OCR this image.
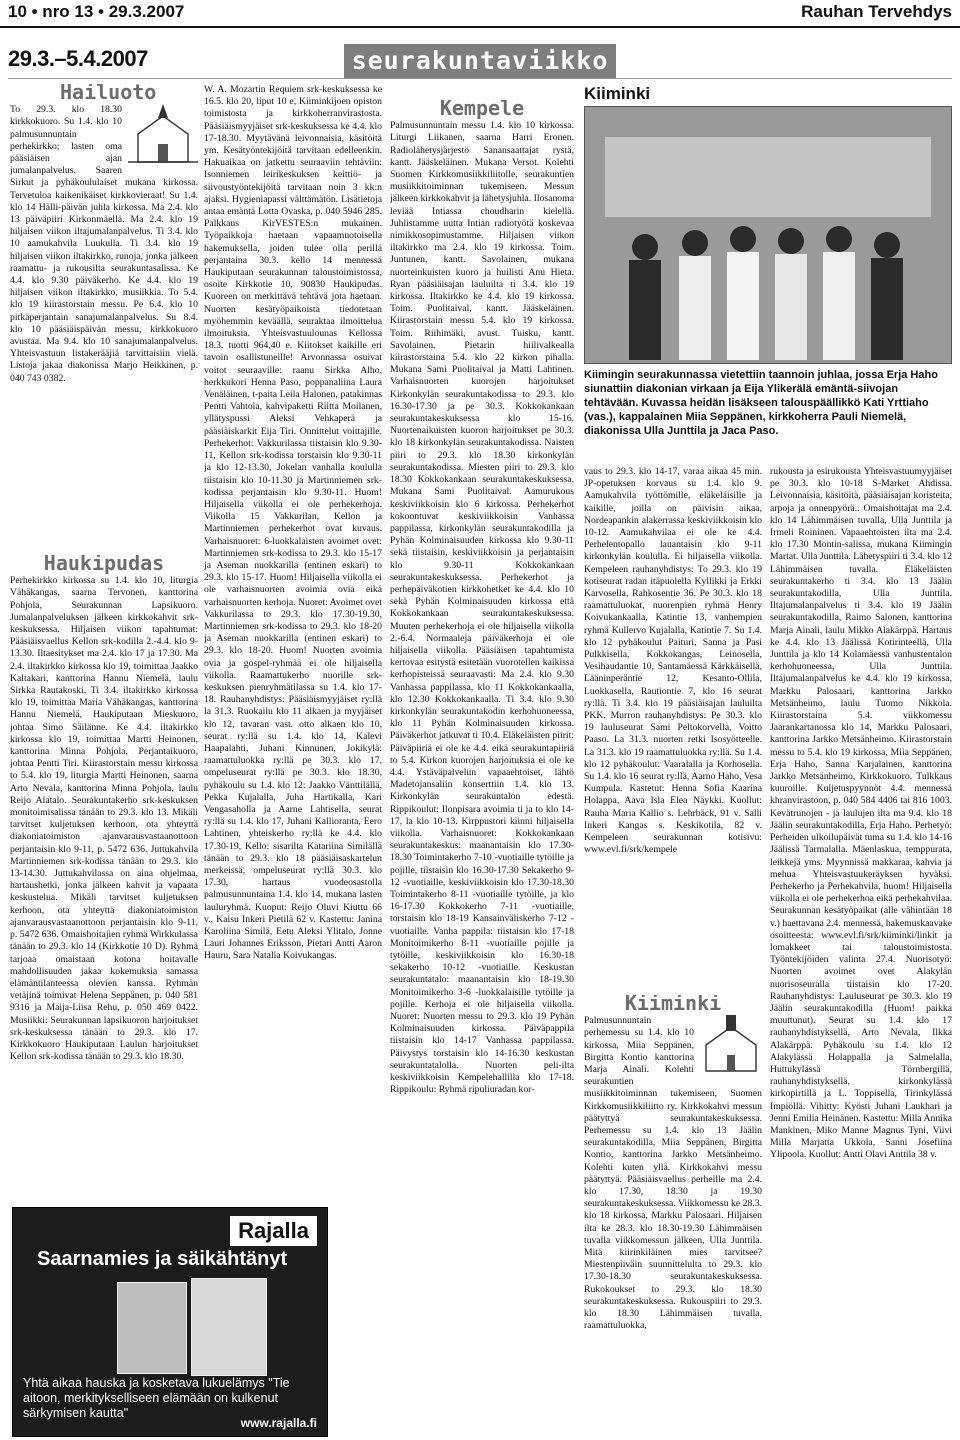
10 • nro 13 • 29.3.2007	Rauhan Tervehdys
29.3.–5.4.2007	seurakuntaviikko
Hailuoto

To 29.3. klo 18.30 kirkkokuoro. Su 1.4. klo 10 palmusunnuntain perhekirkko; lasten oma pääsiäisen ajan jumalanpalvelus. Saaren Sirkut ja pyhäkoululaiset mukana kirkossa. Tervetuloa kaikenikäiset kirkkovieraat! Su 1.4. klo 14 Hälli-päivän juhla kirkossa. Ma 2.4. klo 13 päiväpiiri Kirkonmäellä. Ma 2.4. klo 19 hiljaisen viikon iltajumalanpalvelus. Ti 3.4. klo 10 aamukahvila Luukulla. Ti 3.4. klo 19 hiljaisen viikon iltakirkko, runoja, jonka jälkeen raamattu- ja rukousilta seurakuntasalissa. Ke 4.4. klo 9.30 päiväkerho. Ke 4.4. klo 19 hiljaisen viikon iltakirkko, musiikkia. To 5.4. klo 19 kiirastorstain messu. Pe 6.4. klo 10 pitkäperjantain sanajumalanpalvelus. Su 8.4. klo 10 pääsiäispäivän messu, kirkkokuoro avustaa. Ma 9.4. klo 10 sanajumalanpalvelus. Yhteisvastuun listakerääjiä tarvittaisiin vielä. Listoja jakaa diakonissa Marjo Heikkinen, p. 040 743 0382.

Haukipudas

Perhekirkko kirkossa su 1.4. klo 10, liturgia Vähäkangas, saarna Tervonen, kanttorina Pohjola, Seurakunnan Lapsikuoro. Jumalanpalveluksen jälkeen kirkkokahvit srk-keskuksessa. Hiljaisen viikon tapahtumat: Pääsiäisvaellus Kellon srk-kodilla 2.-4.4. klo 9-13.30. Iltaesitykset ma 2.4. klo 17 ja 17.30. Ma 2.4. iltakirkko kirkossa klo 19, toimittaa Jaakko Kaltakari, kanttorina Hannu Niemelä, laulu Sirkka Rautakoski. Ti 3.4. iltakirkko kirkossa klo 19, toimittaa Maria Vähäkangas, kanttorina Hannu Niemelä, Haukiputaan Mieskuoro, johtaa Simo Säilänne. Ke 4.4. iltakirkko kirkossa klo 19, toimittaa Martti Heinonen, kanttorina Minna Pohjola, Perjantaikuoro, johtaa Pentti Tiri. Kiirastorstain messu kirkossa to 5.4. klo 19, liturgia Martti Heinonen, saarna Arto Nevala, kanttorina Minna Pohjola, laulu Reijo Alatalo. Seurakuntakerho srk-keskuksen monitoimisalissa tänään to 29.3. klo 13. Mikäli tarvitset kuljetuksen kerhoon, ota yhteyttä diakoniatoimiston ajanvarausvastaanottoon perjantaisin klo 9-11, p. 5472 636. Juttukahvila Martinniemen srk-kodissa tänään to 29.3. klo 13-14.30. Juttukahvilassa on aina ohjelmaa, hartaushetki, jonka jälkeen kahvit ja vapaata keskustelua. Mikäli tarvitset kuljetuksen kerhoon, ota yhteyttä diakoniatoimiston ajanvarausvastaanottoon perjantaisin klo 9-11, p. 5472 636. Omaishoitajien ryhmä Wirkkulassa tänään to 29.3. klo 14 (Kirkkotie 10 D). Ryhmä tarjoaa omaistaan kotona hoitavalle mahdollisuuden jakaa kokemuksia samassa elämäntilanteessa olevien kanssa. Ryhmän vetäjinä toimivat Helena Seppänen, p. 040 581 9316 ja Maija-Liisa Rehu, p. 050 469 0422. Musiikki: Seurakunnan lapsikuoron harjoitukset srk-keskuksessa tänään to 29.3. klo 17. Kirkkokuoro Haukiputaan Laulun harjoitukset Kellon srk-kodissa tänään to 29.3. klo 18.30.

W. A. Mozartin Requiem srk-keskuksessa ke 16.5. klo 20, liput 10 e, Kiiminkijoen opiston toimistosta ja kirkkoherranvirastosta. Pääsiäismyyjäiset srk-keskuksessa ke 4.4. klo 17-18.30. Myytävänä leivonnaisia, käsitöitä ym. Kesätyöntekijöitä tarvitaan edelleenkin. Hakuaikaa on jatkettu seuraaviin tehtäviin: Isonniemen leirikeskuksen keittiö- ja siivoustyöntekijöitä tarvitaan noin 3 kk:n ajaksi. Hygieniapassi välttämätön. Lisätietoja antaa emäntä Lotta Ovaska, p. 040 5946 285. Palkkaus KirVESTES:n mukainen. Työpaikkoja haetaan vapaamuotoisella hakemuksella, joiden tulee olla perillä perjantaina 30.3. kello 14 mennessä Haukiputaan seurakunnan taloustoimistossa, osoite Kirkkotie 10, 90830 Haukipudas. Kuoreen on merkittävä tehtävä jota haetaan. Nuorten kesätyöpaikoista tiedotetaan myöhemmin keväällä, seuraktaa ilmoittelua ilmoituksia. Yhteisvastuulounas Kellossa 18.3. tuotti 964,40 e. Kiitokset kaikille eri tavoin osallistuneille! Arvonnassa osuivat voitot seuraaville: raanu Sirkka Alho, herkkukori Henna Paso, poppanaliina Laura Venäläinen, t-paita Leila Halonen, patakinnas Pentti Vahtola, kahvipaketti Riitta Moilanen, yllätyspussi Aleksi Vehkaperä ja pääsiäiskarkit Eija Tiri. Onnittelut voittajille. Perhekerhot: Vakkurilassa tiistaisin klo 9.30-11, Kellon srk-kodissa torstaisin klo 9.30-11 ja klo 12-13.30, Jokelan vanhalla koululla tiistaisin klo 10-11.30 ja Martinniemen srk-kodissa perjantaisin klo 9.30-11. Huom! Hiljaisella viikolla ei ole perhekerhoja. Viikolla 15 Vakkurilan, Kellon ja Martinniemen perhekerhot ovat kuvaus. Varhaisnuoret: 6-luokkalaisten avoimet ovet: Martinniemen srk-kodissa to 29.3. klo 15-17 ja Aseman nuokkarilla (entinen eskari) to 29.3. klo 15-17. Huom! Hiljaisella viikolla ei ole varhaisnuorten avoimia ovia eikä varhaisnuorten kerhoja. Nuoret: Avoimet ovet Vakkurilassa to 29.3. klo 17.30-19.30, Martinniemen srk-kodissa to 29.3. klo 18-20 ja Aseman nuokkarilla (entinen eskari) to 29.3. klo 18-20. Huom! Nuorten avoimia ovia ja gospel-ryhmää ei ole hiljaisella viikolla. Raamattukerho nuorille srk-keskuksen pienryhmätilassa su 1.4. klo 17-18. Rauhanyhdistys: Pääsiäismyyjäiset ry:llä la 31.3. Ruokailu klo 11 alkaen ja myyjäiset klo 12, tavaran vast. otto alkaen klo 10, seurat ry:llä su 1.4. klo 14, Kalevi Haapalahti, Juhani Kinnunen, Jokikylä: raamattuluokka ry:llä pe 30.3. klo 17, ompeluseurat ry:llä pe 30.3. klo 18.30, pyhäkoulu su 1.4. klo 12: Jaakko Vänttilällä, Pekka Kujalalla, Juha Hartikalla, Kari Vengasaholla ja Aarne Lahtisella, seurat ry:llä su 1.4. klo 17, Juhani Kallioranta, Eero Lahtinen, yhteiskerho ry:llä ke 4.4. klo 17.30-19, Kello: sisarilta Katariina Similällä tänään to 29.3. klo 18 pääsiäisaskartelun merkeissä, ompeluseurat ry:llä 30.3. klo 17.30, hartaus vuodeosastolla palmusunnuntaina 1.4. klo 14, mukana lasten lauluryhmä. Kuoput: Reijo Oluvi Kiuttu 66 v., Kaisu Inkeri Pietilä 62 v. Kastettu: Janina Karoliina Similä, Eetu Aleksi Ylitalo, Jonne Lauri Johannes Eriksson, Pietari Antti Aaron Hauru, Sara Natalia Koivukangas.

Kempele

Palmusunnuntain messu 1.4. klo 10 kirkossa. Liturgi Liikanen, saarna Harri Eronen. Radiolähetysjärjestö Sanansaattajat rystä, kantt. Jääskeläinen. Mukana Versot. Kolehti Suomen Kirkkomusiikkiliitolle, seurakuntien musiikkitoiminnan tukemiseen. Messun jälkeen kirkkokahvit ja lähetysjuhla. Ilosanoma leviää Intiassa choudharin kielellä. Juhlistamme uutta Intian radiotyötä koskevaa nimikkosopimustamme. Hiljaisen viikon iltakirkko ma 2.4. klo 19 kirkossa. Toim. Juntunen, kantt. Savolainen, mukana nuorteinkuisten kuoro ja huilisti Anu Hieta. Ryan pääsiäisajan lauluilta ti 3.4. klo 19 kirkossa. Iltakirkko ke 4.4. klo 19 kirkossa. Toim. Puolitaival, kantt. Jääskeläinen. Kiirastorstain messu 5.4. klo 19 kirkossa. Toim. Riihimäki, avust. Tuisku, kantt. Savolainen. Pietarin hiilivalkealla kiirastorstaina 5.4. klo 22 kirkon pihalla. Mukana Sami Puolitaival ja Matti Lahtinen. Varhaisnuorten kuorojen harjoitukset Kirkonkylän seurakuntakodissa to 29.3. klo 16.30-17.30 ja pe 30.3. Kokkokankaan seurakuntakeskuksessa klo 15-16. Nuortenaikuisten kuoron harjoitukset pe 30.3. klo 18 kirkonkylän seurakuntakodissa. Naisten piiri to 29.3. klo 18.30 kirkonkylän seurakuntakodissa. Miesten piiri to 29.3. klo 18.30 Kokkokankaan seurakuntakeskuksessa. Mukana Sami Puolitaival. Aamurukous keskiviikkoisin klo 6 kirkossa. Perhekerhot kokoontuvat keskiviikkoisin Vanhassa pappilassa, kirkonkylän seurakuntakodilla ja Pyhän Kolminaisuuden kirkossa klo 9.30-11 sekä tiistaisin, keskiviikkoisin ja perjantaisin klo 9.30-11 Kokkokankaan seurakuntakeskuksessa. Perhekerhot ja perhepäiväkotien kirkkohetket ke 4.4. klo 10 sekä Pyhän Kolminaisuuden kirkossa että Kokkokankaan seurakuntakeskuksessa. Muuten perhekerhoja ei ole hiljaisella viikolla 2.-6.4. Normaaleja päiväkerhoja ei ole hiljaisella viikolla. Pääsiäisen tapahtumista kertovaa esitystä esitetään vuorotellen kaikissa kerhopisteissä seuraavasti: Ma 2.4. klo 9.30 Vanhassa pappilassa, klo 11 Kokkokankaalla, klo 12.30 Kokkokankaalla. Ti 3.4. klo 9.30 kirkonkylän seurakuntakodin kerhohuoneessa, klo 11 Pyhän Kolminaisuuden kirkossa. Päiväkerhot jatkuvat ti 10.4. Eläkeläisten piirit: Päiväpiiriä ei ole ke 4.4. eikä seurakuntapiiriä to 5.4. Kirkon kuorojen harjoituksia ei ole ke 4.4. Ystäväpalvelun vapaaehtoiset, lähtö Madetojansaliin konserttiin 1.4. klo 13. Kirkonkylän seurakuntalon edestä. Rippikoulut: Ilonpisara avoimia ti ja to klo 14-17, la klo 10-13. Kirppustori kiinni hiljaisella viikolla. Varhaisnuoret: Kokkokankaan seurakuntakeskus: maanantaisin klo 17.30-18.30 Toimintakerho 7-10 -vuotiaille tytöille ja pojille, tiistaisin klo 16.30-17.30 Sekakerho 9-12 -vuotiaille, keskiviikkoisin klo 17.30-18.30 Toimintakerho 8-11 -vuotiaille tytöille, ja klo 16-17.30 Kokkokerho 7-11 -vuotiaille, torstaisin klo 18-19 Kansainväliskerho 7-12 -vuotiaille. Vanha pappila: tiistaisin klo 17-18 Monitoimikerho 8-11 -vuotiaille pojille ja tytöille, keskiviikkoisin klo 16.30-18 sekakerho 10-12 -vuotiaille. Keskustan seurakuntatalo: maanantaisin klo 18-19.30 Monitoimikerho 3-6 -luokkalaisille tytöille ja pojille. Kerhoja ei ole hiljaisella viikolla. Nuoret: Nuorten messu to 29.3. klo 19 Pyhän Kolminaisuuden kirkossa. Päiväpappila tiistaisin klo 14-17 Vanhassa pappilassa. Päivystys torstaisin klo 14-16.30 keskustan seurakuntatalolla. Nuorten peli-ilta keskiviikkoisin Kempelehallilla klo 17-18. Rippikoulu: Ryhmä ripuliuradan kor-

Kiiminki
Kiimingin seurakunnassa vietettiin taannoin juhlaa, jossa Erja Haho siunattiin diakonian virkaan ja Eija Ylikerälä emäntä-siivojan tehtävään. Kuvassa heidän lisäkseen talouspäällikkö Kati Yrttiaho (vas.), kappalainen Miia Seppänen, kirkkoherra Pauli Niemelä, diakonissa Ulla Junttila ja Jaca Paso.

vaus to 29.3. klo 14-17, varaa aikaa 45 min. JP-opetuksen korvaus su 1.4. klo 9. Aamukahvila työttömille, eläkeläisille ja kaikille, joilla on päivisin aikaa, Nordeapankin alakerrassa keskiviikkoisin klo 10-12. Aamukahvilaa ei ole ke 4.4. Perhelentopallo lauantaisin klo 9-11 kirkonkylän koululla. Ei hiljaisella viikolla. Kempeleen rauhanyhdistys: To 29.3. klo 19 kotiseurat radan itäpuolella Kyllikki ja Erkki Karvosella, Rahkosentie 36. Pe 30.3. klo 18 raamattuluokat, nuorenpien ryhmä Henry Koivukankaalla, Katintie 13, vanhempien ryhmä Kullervo Kujalalla, Katintie 7. Su 1.4. klo 12 pyhäkoulut Paituri, Sanna ja Pasi Pulkkisella, Kokkokangas, Leinosella, Vesihaudantie 10, Santamäessä Kärkkäisellä, Lääninperäntie 12, Kesanto-Ollila, Luokkasella, Rautiontie 7, klo 16 seurat ry:llä. Ti 3.4. klo 19 pääsiäisajan lauluilta PKK. Murron rauhanyhdistys: Pe 30.3. klo 19 lauluseurat Sami Peltokorvella, Voitto Paaso. La 31.3. nuorten retki Isosyötteelle. La 31.3. klo 19 raamattuluokka ry:llä. Su 1.4. klo 12 pyhäkoulut: Vaaralalla ja Korhosella. Su 1.4. klo 16 seurat ry:llä, Aarno Haho, Vesa Kumpula. Kastetut: Henna Sofia Kaarina Holappa, Aava Isla Elea Näykki. Kuollut: Rauha Maria Kallio s. Lehrbäck, 91 v. Salli Inkeri Kangas s. Keskikotila, 82 v. Kempeleen seurakunnan kotisivu: www.evl.fi/srk/kempele

Kiiminki

Palmusunnuntain perhemessu su 1.4. klo 10 kirkossa, Miia Seppänen, Birgitta Kontio kanttorina Marja Ainali. Kolehti seurakuntien musiikkitoiminnan tukemiseen, Suomen Kirkkomusiikkiliitto ry. Kirkkokahvi messun päätyttyä seurakuntakeskuksessa. Perhemessu su 1.4. klo 13 Jäälin seurakuntakodilla, Miia Seppänen, Birgitta Kontio, kanttorina Jarkko Metsänheimo. Kolehti kuten yllä. Kirkkokahvi messu päätyttyä. Pääsiäisvaellus perheille ma 2.4. klo 17.30, 18.30 ja 19.30 seurakuntakeskuksessa. Viikkomessu ke 28.3. klo 18 kirkossa, Markku Palosaari. Hiljaisen ilta ke 28.3. klo 18.30-19.30 Lähimmäisen tuvalla viikkomessun jälkeen, Ulla Junttila. Mitä kiirinkiläinen mies tarvitsee? Miestenpiiväin suunnittelulta to 29.3. klo 17.30-18.30 seurakuntakeskuksessa. Rukokoukset to 29.3. klo 18.30 seurakuntakeskuksessa. Rukouspiiri to 29.3. klo 18.30 Lähimmäisen tuvalla, raamattuluokka,

rukousta ja esirukousta Yhteisvastuumyyjäiset pe 30.3. klo 10-18 S-Market Ahdissa. Leivonnaisia, käsitöitä, pääsiäisajan koristeita, arpoja ja onnenpyörä.. Omaishoitajat ma 2.4. klo 14 Lähimmäisen tuvalla, Ulla Junttila ja Irmeli Roininen. Vapaaehtoisten ilta ma 2.4. klo 17.30 Montin-salissa, mukana Kiimingin Martat. Ulla Junttila. Lähetyspiiri ti 3.4. klo 12 Lähimmäisen tuvalla. Eläkeläisten seurakuntakerho ti 3.4. klo 13 Jäälin seurakuntakodilla, Ulla Junttila. Iltajumalanpalvelus ti 3.4. klo 19 Jäälin seurakuntakodilla, Raimo Salonen, kanttorina Marja Ainali, laulu Mikko Alakärppä. Hartaus ke 4.4. klo 13 Jäälissä Kotirinteellä, Ulla Junttila ja klo 14 Kolamäessä vanhustentalon kerhohuoneessa, Ulla Junttila. Iltajumalanpalvelus ke 4.4. klo 19 kirkossa, Markku Palosaari, kanttorina Jarkko Metsänheimo, laulu Tuomo Nikkola. Kiirastorstaina 5.4. viikkomessu Jaarankartanossa klo 14, Markku Palosaari, kanttorina Jarkko Metsänheimo. Kiirastorstain messu to 5.4. klo 19 kirkossa, Miia Seppänen, Erja Haho, Sanna Karjalainen, kanttorina Jarkko Metsänheimo, Kirkkokuoro. Tulkkaus kuuroille. Kuljetuspyynnöt 4.4. mennessä khranvirastoon, p. 040 584 4406 tai 816 1003. Kevätrunojen - ja laulujen ilta ma 9.4. klo 18 Jäälin seurakuntakodilla, Erja Haho. Perhetyö: Perheiden ulkoilupäivät tuma su 1.4. klo 14-16 Jäälissä Tarmalalla. Mäenlaskua, temppurata, leikkejä yms. Myynnissä makkaraa, kahvia ja mehua Yhteisvastuukeräyksen hyväksi. Perhekerho ja Perhekahvila, huom! Hiljaisella viikolla ei ole perhekerhoa eikä perhekahvilaa. Seurakunnan kesätyöpaikat (alle vähintään 18 v.) haettavana 2.4. mennessä, hakemuskaavake osoitteesta: www.evl.fi/srk/kiiminki/linkit ja lomakkeet tai taloustoimistosta. Työntekijöiden valinta 27.4. Nuorisotyö: Nuorten avoimet ovet Alakylän nuorisoseuralla tiistaisin klo 17-20. Rauhanyhdistys: Lauluseurat pe 30.3. klo 19 Jäälin seurakuntakodilla (Huom! paikka muuttunut). Seurat su 1.4. klo 17 rauhanyhdistyksellä, Arto Nevala, Ilkka Alakärppä. Pyhäkoulu su 1.4. klo 12 Alakylässä Holappalla ja Salmelalla, Huttukylässä Törnbergillä, rauhanyhdistyksellä, kirkonkylässä kirkopirtillä ja L. Toppisella, Tirinkylässä Impiöllä. Vihitty: Kyösti Juhani Laukhari ja Jenni Emilia Heinänen. Kastettu: Milla Annika Mankinen, Miko Manne Magnus Tyni, Viivi Milla Marjatta Ukkola, Sanni Josefiina Ylipoola. Kuollut: Antti Olavi Anttila 38 v.

Rajalla
Saarnamies ja säikähtänyt
Yhtä aikaa hauska ja kosketava lukuelämys "Tie aitoon, merkitykselliseen elämään on kulkenut särkymisen kautta"
www.rajalla.fi
